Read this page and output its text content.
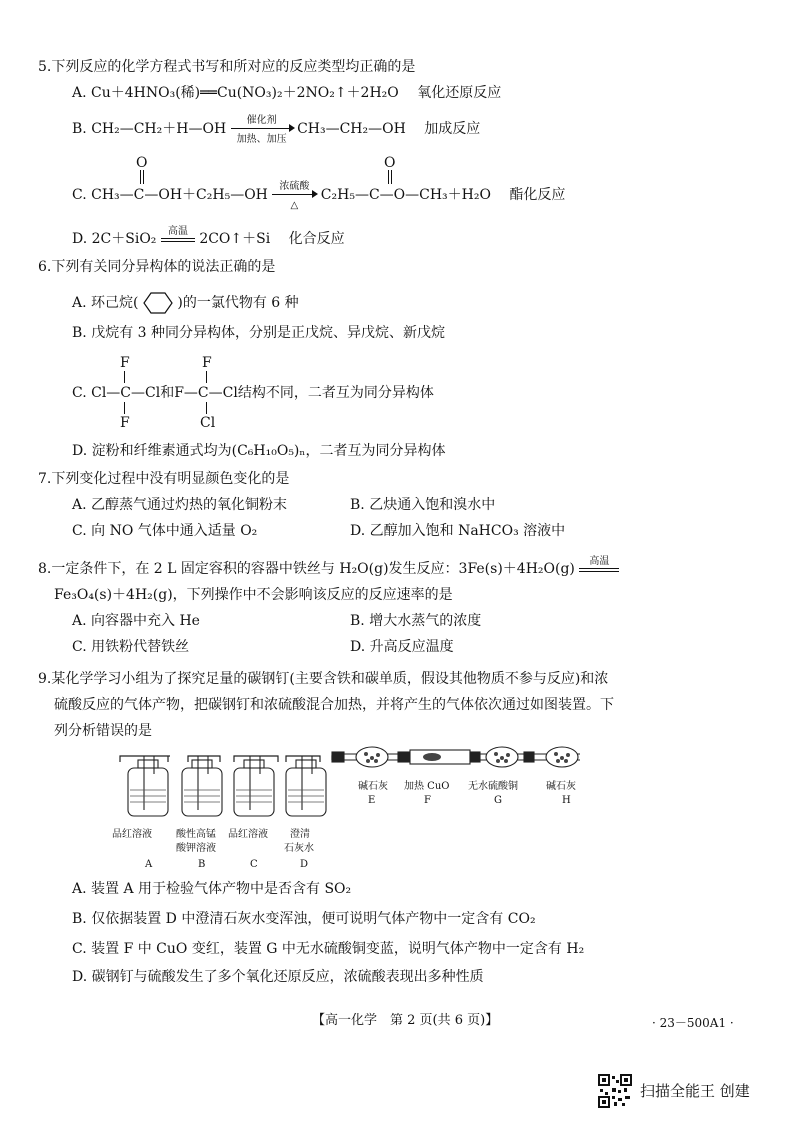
5.下列反应的化学方程式书写和所对应的反应类型均正确的是
A. Cu＋4HNO₃(稀)══Cu(NO₃)₂＋2NO₂↑＋2H₂O 氧化还原反应
B. CH₂—CH₂＋H—OH
催化剂
加热、加压
CH₃—CH₂—OH 加成反应
O	O
C. CH₃—C—OH＋C₂H₅—OH
浓硫酸
△
C₂H₅—C—O—CH₃＋H₂O 酯化反应
D. 2C＋SiO₂	高温 2CO↑＋Si 化合反应
6.下列有关同分异构体的说法正确的是
A. 环己烷(	)的一氯代物有 6 种
B. 戊烷有 3 种同分异构体，分别是正戊烷、异戊烷、新戊烷
F	F
C. Cl—C—Cl和F—C—Cl结构不同，二者互为同分异构体
F	Cl
D. 淀粉和纤维素通式均为(C₆H₁₀O₅)ₙ，二者互为同分异构体
7.下列变化过程中没有明显颜色变化的是
A. 乙醇蒸气通过灼热的氧化铜粉末	B. 乙炔通入饱和溴水中
C. 向 NO 气体中通入适量 O₂	D. 乙醇加入饱和 NaHCO₃ 溶液中
8.一定条件下，在 2 L 固定容积的容器中铁丝与 H₂O(g)发生反应：3Fe(s)＋4H₂O(g)	高温
Fe₃O₄(s)＋4H₂(g)，下列操作中不会影响该反应的反应速率的是
A. 向容器中充入 He	B. 增大水蒸气的浓度
C. 用铁粉代替铁丝	D. 升高反应温度
9.某化学学习小组为了探究足量的碳钢钉(主要含铁和碳单质，假设其他物质不参与反应)和浓
硫酸反应的气体产物，把碳钢钉和浓硫酸混合加热，并将产生的气体依次通过如图装置。下
列分析错误的是
品红溶液
A
酸性高锰
酸钾溶液
B
品红溶液
C
澄清
石灰水
D
碱石灰
E
加热 CuO
F
无水硫酸铜
G
碱石灰
H
A. 装置 A 用于检验气体产物中是否含有 SO₂
B. 仅依据装置 D 中澄清石灰水变浑浊，便可说明气体产物中一定含有 CO₂
C. 装置 F 中 CuO 变红，装置 G 中无水硫酸铜变蓝，说明气体产物中一定含有 H₂
D. 碳钢钉与硫酸发生了多个氧化还原反应，浓硫酸表现出多种性质
【高一化学　第 2 页(共 6 页)】	· 23－500A1 ·
扫描全能王 创建
